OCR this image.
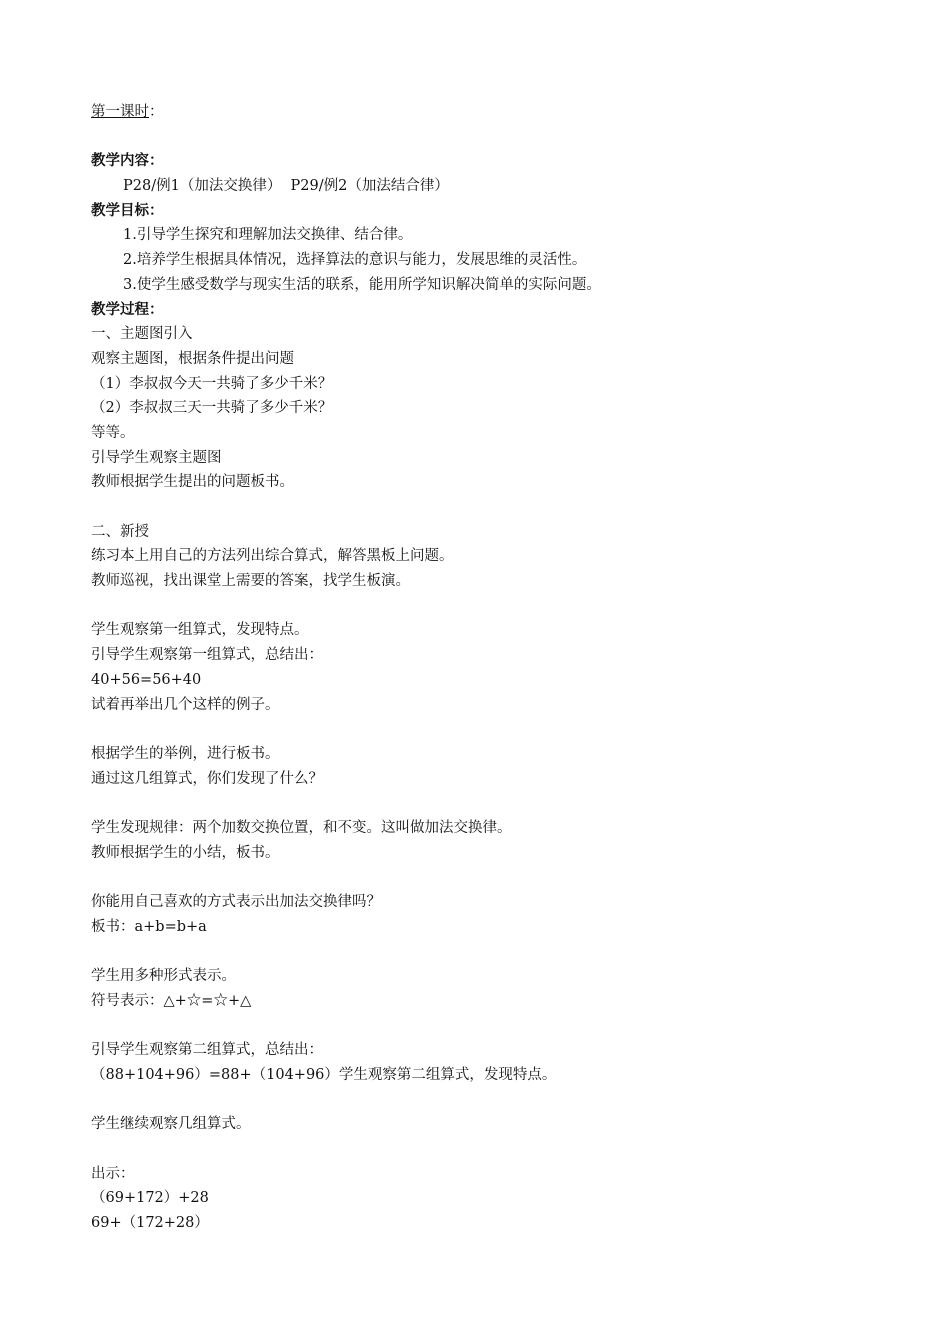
第一课时：
教学内容：
P28/例1（加法交换律）  P29/例2（加法结合律）
教学目标：
1.引导学生探究和理解加法交换律、结合律。
2.培养学生根据具体情况，选择算法的意识与能力，发展思维的灵活性。
3.使学生感受数学与现实生活的联系，能用所学知识解决简单的实际问题。
教学过程：
一、主题图引入
观察主题图，根据条件提出问题
（1）李叔叔今天一共骑了多少千米？
（2）李叔叔三天一共骑了多少千米？
等等。
引导学生观察主题图
教师根据学生提出的问题板书。
二、新授
练习本上用自己的方法列出综合算式，解答黑板上问题。
教师巡视，找出课堂上需要的答案，找学生板演。
学生观察第一组算式，发现特点。
引导学生观察第一组算式，总结出：
40+56=56+40
试着再举出几个这样的例子。
根据学生的举例，进行板书。
通过这几组算式，你们发现了什么？
学生发现规律：两个加数交换位置，和不变。这叫做加法交换律。
教师根据学生的小结，板书。
你能用自己喜欢的方式表示出加法交换律吗？
板书：a+b=b+a
学生用多种形式表示。
符号表示：△+☆=☆+△
引导学生观察第二组算式，总结出：
（88+104+96）=88+（104+96）学生观察第二组算式，发现特点。
学生继续观察几组算式。
出示：
（69+172）+28
69+（172+28）
